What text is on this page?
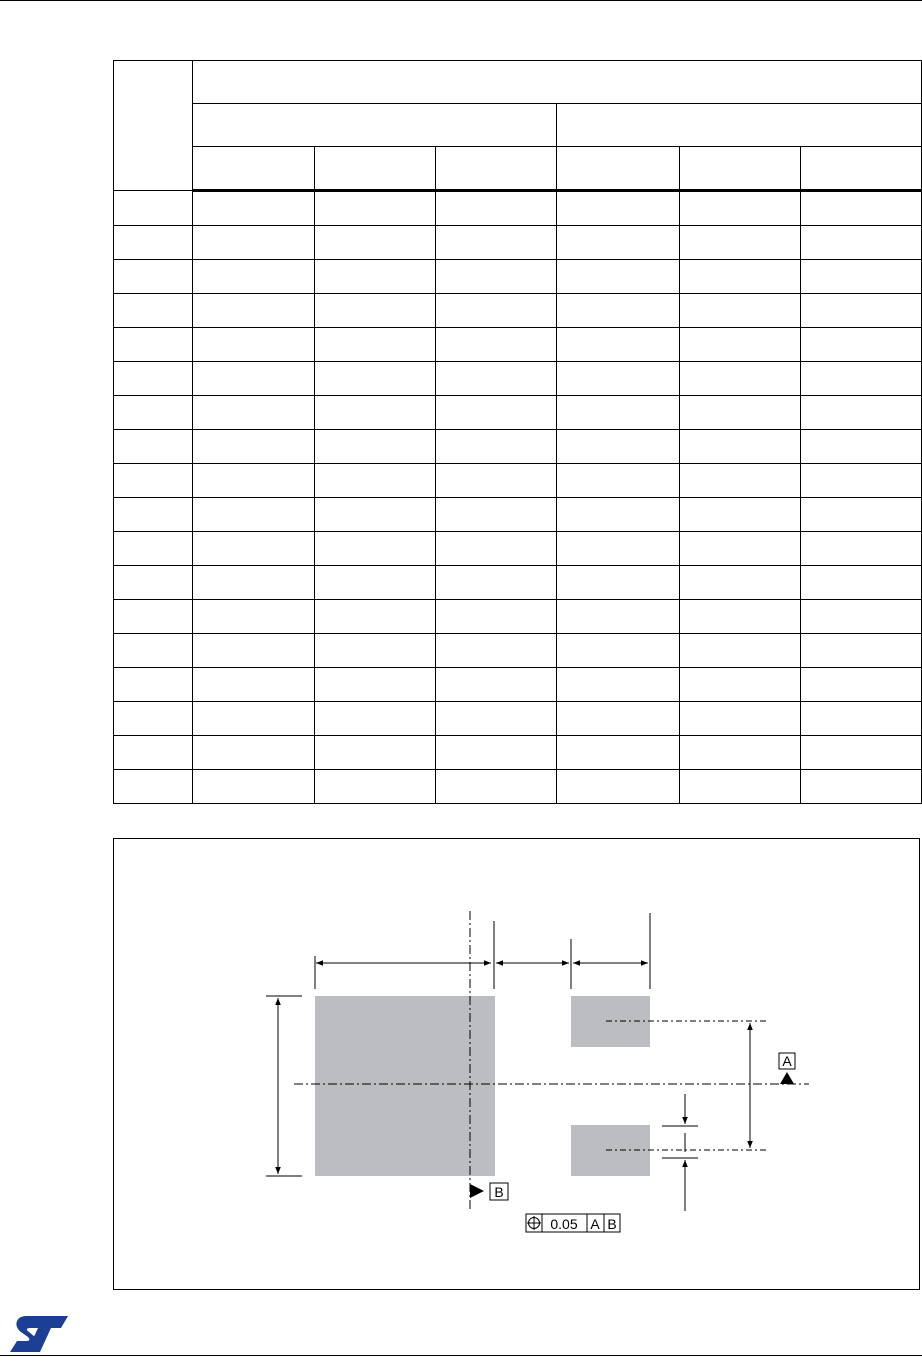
A
B
0.05 A B
